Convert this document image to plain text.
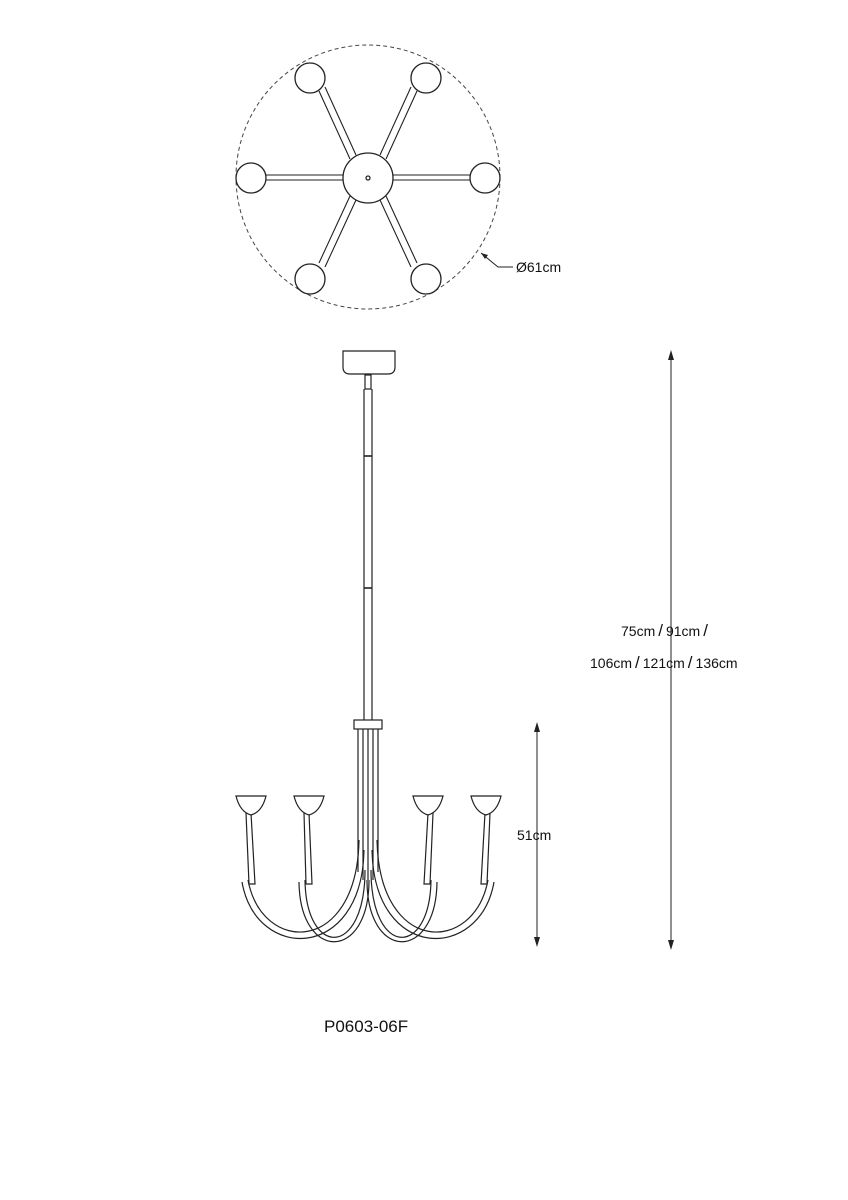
Ø61cm
75cm / 91cm /
106cm / 121cm / 136cm
51cm
P0603-06F
